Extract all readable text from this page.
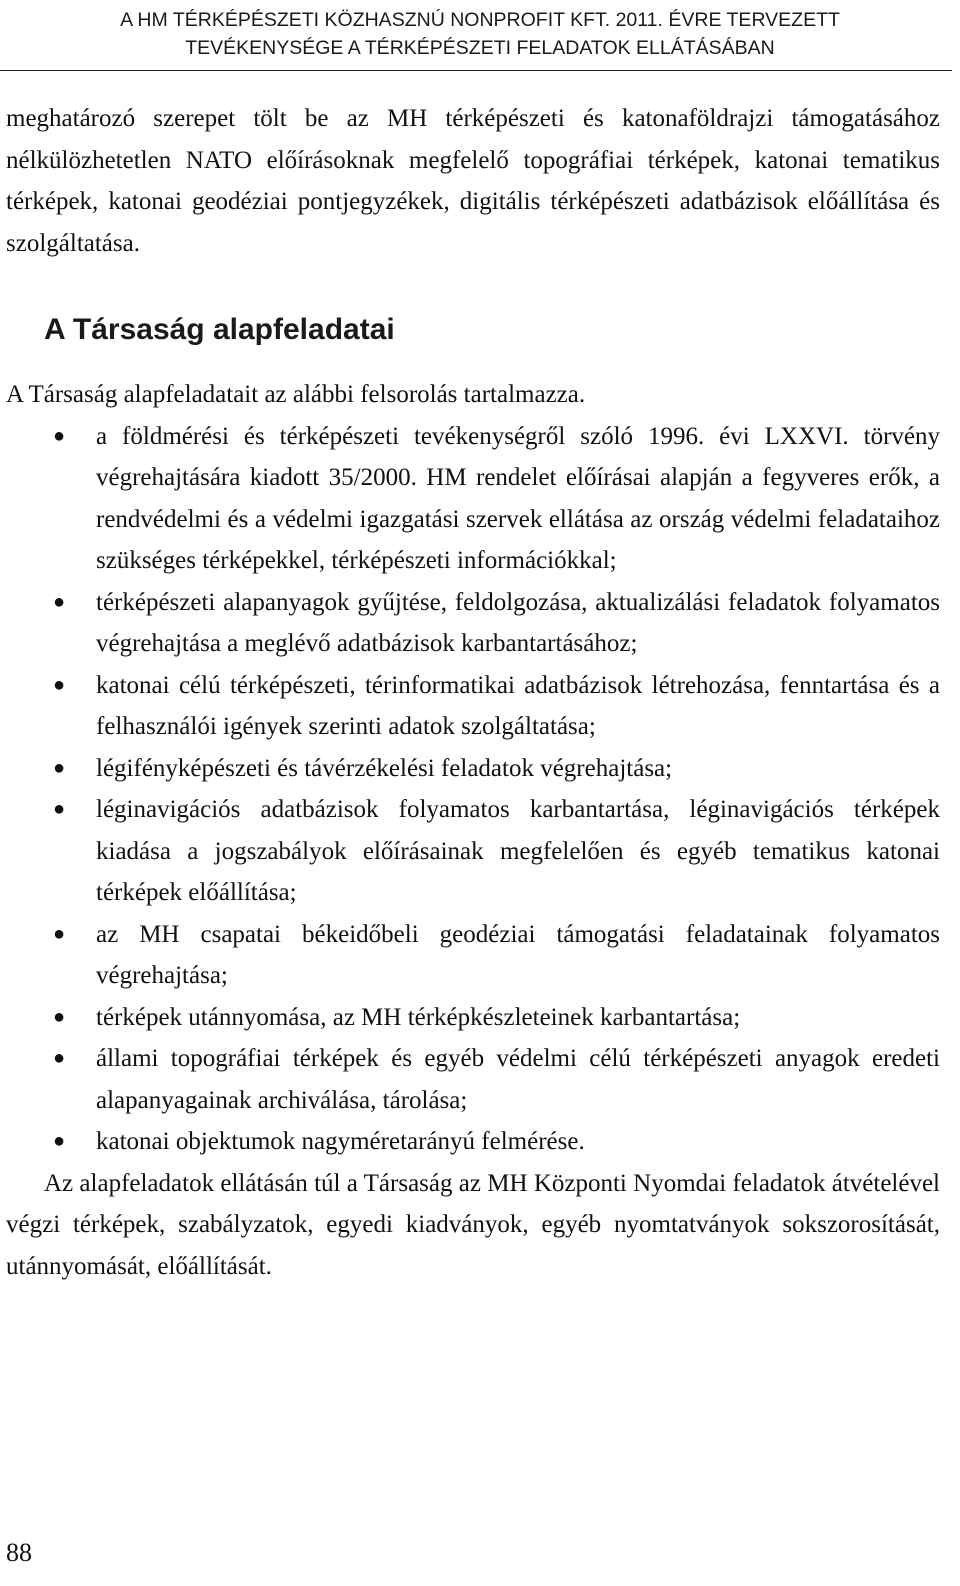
A HM TÉRKÉPÉSZETI KÖZHASZNÚ NONPROFIT KFT. 2011. ÉVRE TERVEZETT
TEVÉKENYSÉGE A TÉRKÉPÉSZETI FELADATOK ELLÁTÁSÁBAN

meghatározó szerepet tölt be az MH térképészeti és katonaföldrajzi támogatásához nélkülözhetetlen NATO előírásoknak megfelelő topográfiai térképek, katonai tematikus térképek, katonai geodéziai pontjegyzékek, digitális térképészeti adatbázisok előállítása és szolgáltatása.

A Társaság alapfeladatai

A Társaság alapfeladatait az alábbi felsorolás tartalmazza.

● a földmérési és térképészeti tevékenységről szóló 1996. évi LXXVI. törvény végrehajtására kiadott 35/2000. HM rendelet előírásai alapján a fegyveres erők, a rendvédelmi és a védelmi igazgatási szervek ellátása az ország védelmi feladataihoz szükséges térképekkel, térképészeti információkkal;
● térképészeti alapanyagok gyűjtése, feldolgozása, aktualizálási feladatok folyamatos végrehajtása a meglévő adatbázisok karbantartásához;
● katonai célú térképészeti, térinformatikai adatbázisok létrehozása, fenntartása és a felhasználói igények szerinti adatok szolgáltatása;
● légifényképészeti és távérzékelési feladatok végrehajtása;
● léginavigációs adatbázisok folyamatos karbantartása, léginavigációs térképek kiadása a jogszabályok előírásainak megfelelően és egyéb tematikus katonai térképek előállítása;
● az MH csapatai békeidőbeli geodéziai támogatási feladatainak folyamatos végrehajtása;
● térképek utánnyomása, az MH térképkészleteinek karbantartása;
● állami topográfiai térképek és egyéb védelmi célú térképészeti anyagok eredeti alapanyagainak archiválása, tárolása;
● katonai objektumok nagyméretarányú felmérése.

Az alapfeladatok ellátásán túl a Társaság az MH Központi Nyomdai feladatok átvételével végzi térképek, szabályzatok, egyedi kiadványok, egyéb nyomtatványok sokszorosítását, utánnyomását, előállítását.

88
